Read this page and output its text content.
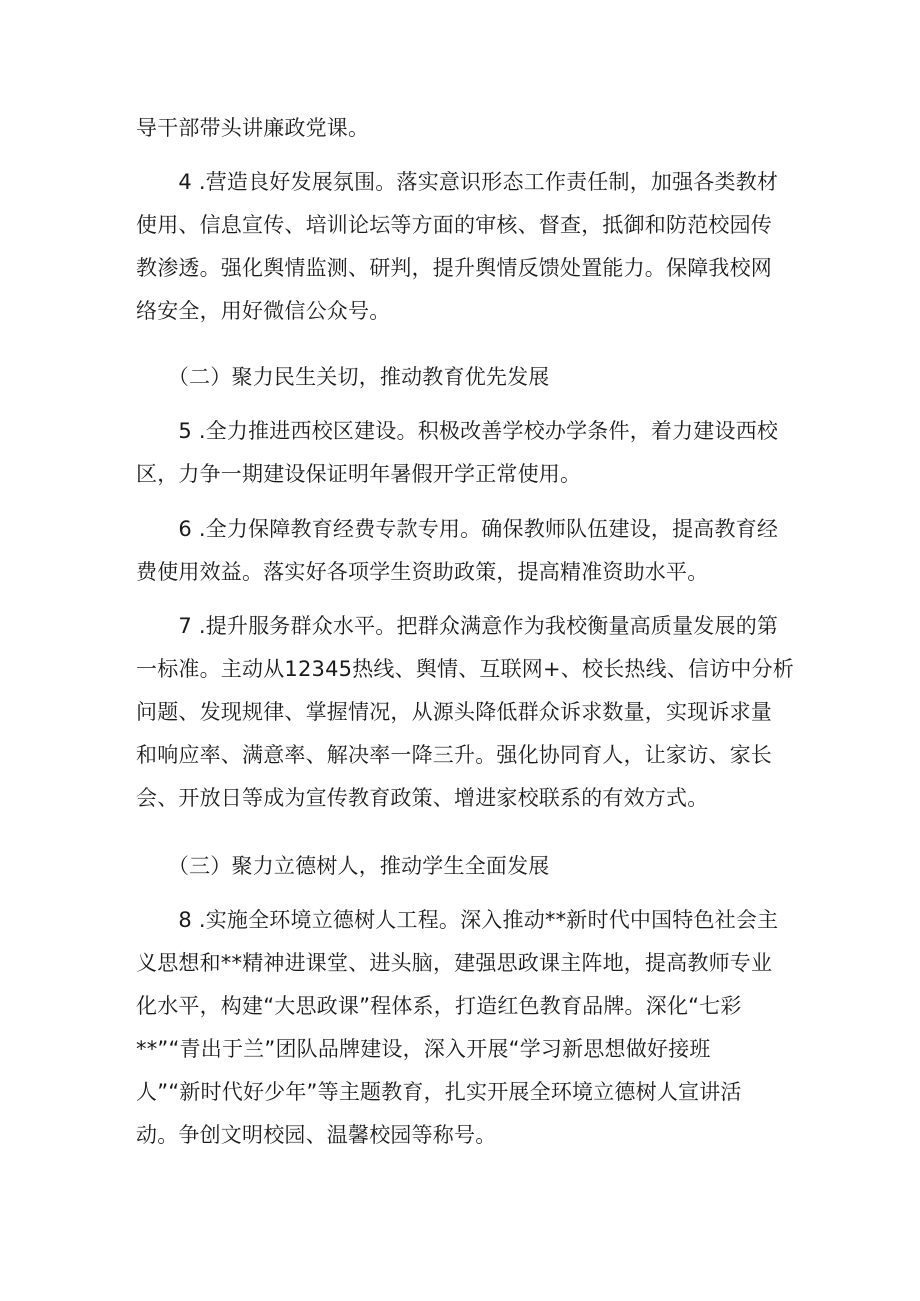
导干部带头讲廉政党课。
　　4 .营造良好发展氛围。落实意识形态工作责任制，加强各类教材
使用、信息宣传、培训论坛等方面的审核、督查，抵御和防范校园传
教渗透。强化舆情监测、研判，提升舆情反馈处置能力。保障我校网
络安全，用好微信公众号。
　　（二）聚力民生关切，推动教育优先发展
　　5 .全力推进西校区建设。积极改善学校办学条件，着力建设西校
区，力争一期建设保证明年暑假开学正常使用。
　　6 .全力保障教育经费专款专用。确保教师队伍建设，提高教育经
费使用效益。落实好各项学生资助政策，提高精准资助水平。
　　7 .提升服务群众水平。把群众满意作为我校衡量高质量发展的第
一标准。主动从12345热线、舆情、互联网+、校长热线、信访中分析
问题、发现规律、掌握情况，从源头降低群众诉求数量，实现诉求量
和响应率、满意率、解决率一降三升。强化协同育人，让家访、家长
会、开放日等成为宣传教育政策、增进家校联系的有效方式。
　　（三）聚力立德树人，推动学生全面发展
　　8 .实施全环境立德树人工程。深入推动**新时代中国特色社会主
义思想和**精神进课堂、进头脑，建强思政课主阵地，提高教师专业
化水平，构建“大思政课”程体系，打造红色教育品牌。深化“七彩
**”“青出于兰”团队品牌建设，深入开展“学习新思想做好接班
人”“新时代好少年”等主题教育，扎实开展全环境立德树人宣讲活
动。争创文明校园、温馨校园等称号。
